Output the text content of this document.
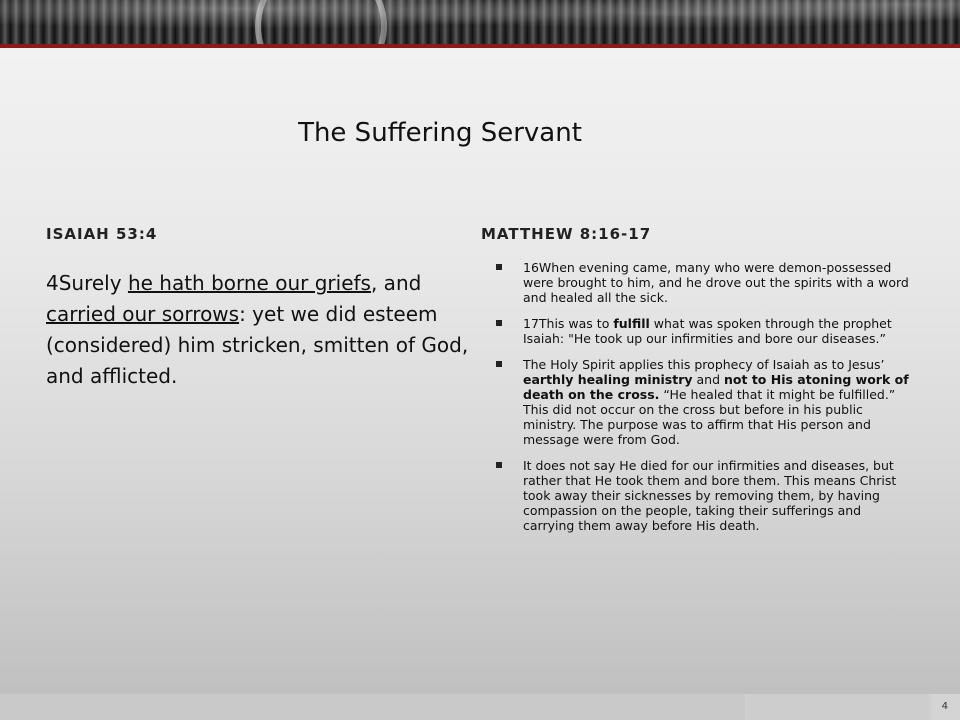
The Suffering Servant
ISAIAH 53:4	MATTHEW 8:16-17
4Surely he hath borne our griefs, and carried our sorrows: yet we did esteem (considered) him stricken, smitten of God, and afflicted.
16When evening came, many who were demon-possessed were brought to him, and he drove out the spirits with a word and healed all the sick.
17This was to fulfill what was spoken through the prophet Isaiah: "He took up our infirmities and bore our diseases.”
The Holy Spirit applies this prophecy of Isaiah as to Jesus’ earthly healing ministry and not to His atoning work of death on the cross. “He healed that it might be fulfilled.” This did not occur on the cross but before in his public ministry. The purpose was to affirm that His person and message were from God.
It does not say He died for our infirmities and diseases, but rather that He took them and bore them. This means Christ took away their sicknesses by removing them, by having compassion on the people, taking their sufferings and carrying them away before His death.
4
